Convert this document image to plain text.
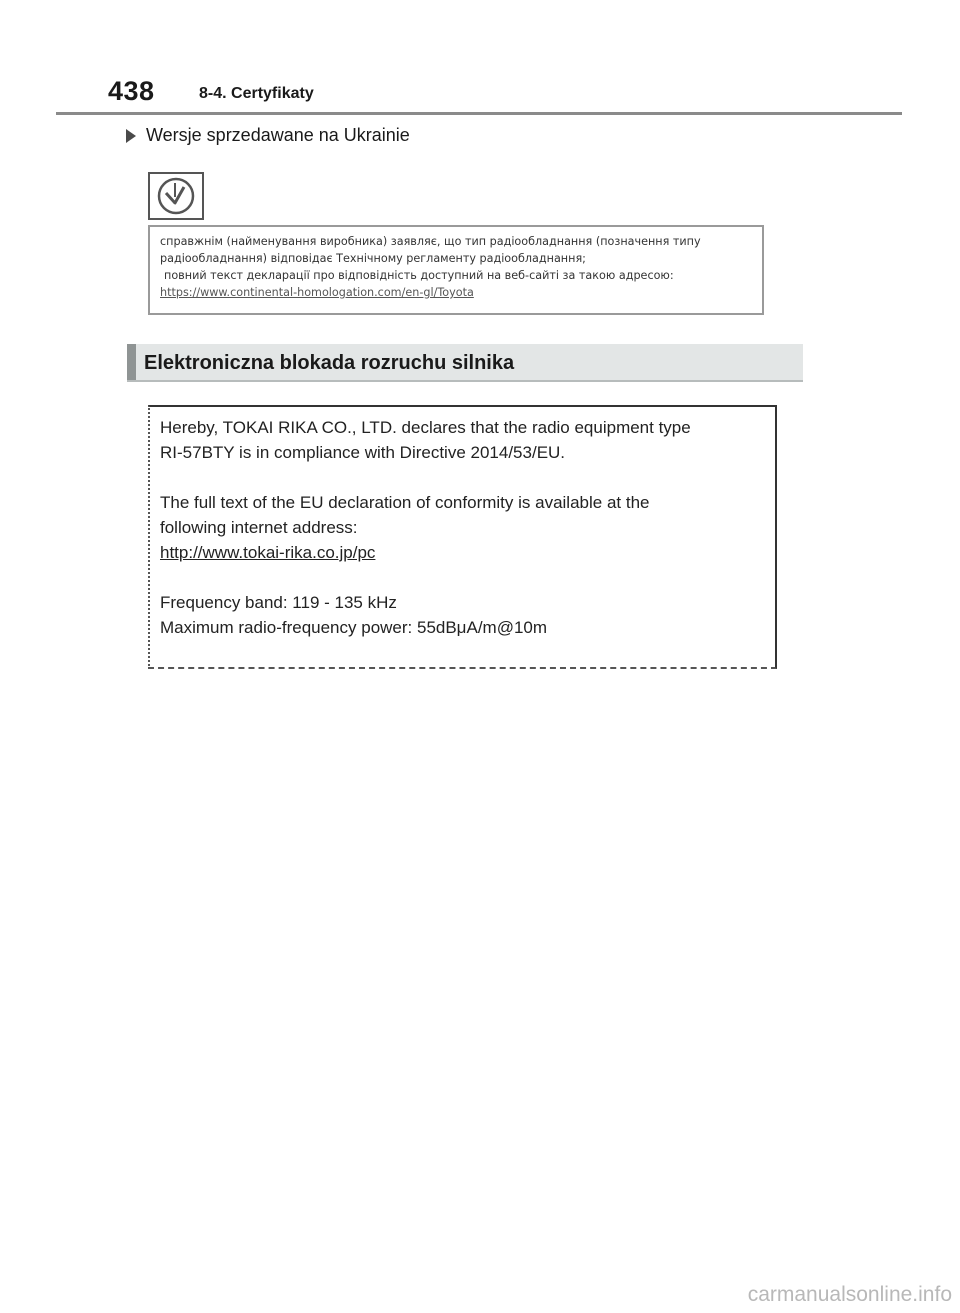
438	8-4. Certyfikaty
Wersje sprzedawane na Ukrainie
справжнім (найменування виробника) заявляє, що тип радіообладнання (позначення типу
радіообладнання) відповідає Технічному регламенту радіообладнання;
повний текст декларації про відповідність доступний на веб-сайті за такою адресою:
https://www.continental-homologation.com/en-gl/Toyota
Elektroniczna blokada rozruchu silnika
Hereby, TOKAI RIKA CO., LTD. declares that the radio equipment type
RI-57BTY is in compliance with Directive 2014/53/EU.
The full text of the EU declaration of conformity is available at the
following internet address:
http://www.tokai-rika.co.jp/pc
Frequency band: 119 - 135 kHz
Maximum radio-frequency power: 55dBμA/m@10m
carmanualsonline.info
